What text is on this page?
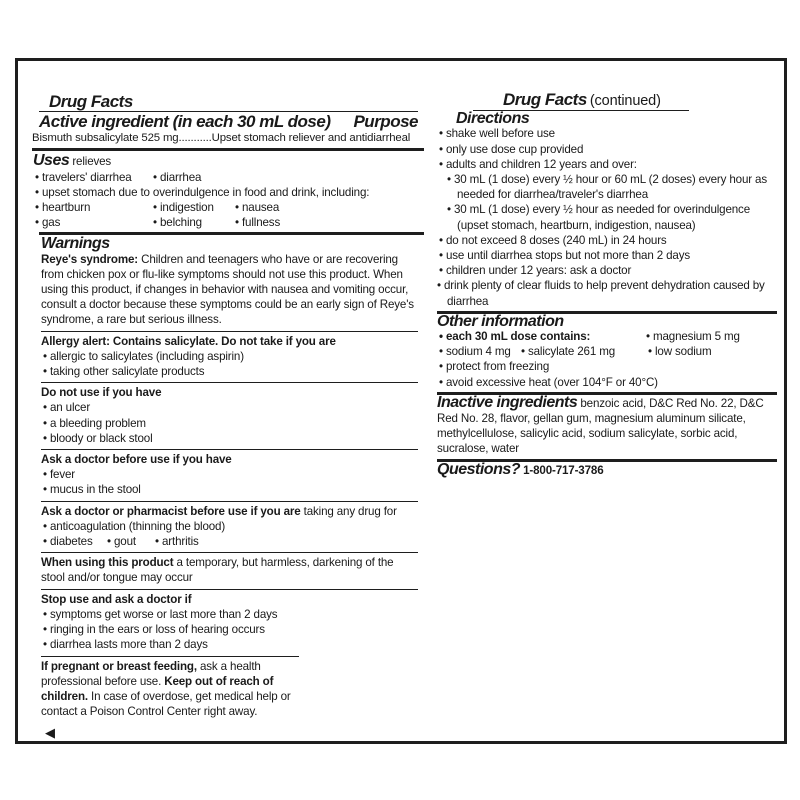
Drug Facts
Active ingredient (in each 30 mL dose) Purpose
Bismuth subsalicylate 525 mg...........Upset stomach reliever and antidiarrheal
Uses relieves
• travelers' diarrhea	• diarrhea
• upset stomach due to overindulgence in food and drink, including:
• heartburn	• indigestion	• nausea
• gas	• belching	• fullness
Warnings

Reye's syndrome: Children and teenagers who have or are recovering from chicken pox or flu-like symptoms should not use this product. When using this product, if changes in behavior with nausea and vomiting occur, consult a doctor because these symptoms could be an early sign of Reye's syndrome, a rare but serious illness.

Allergy alert: Contains salicylate. Do not take if you are
• allergic to salicylates (including aspirin)
• taking other salicylate products
Do not use if you have
• an ulcer
• a bleeding problem
• bloody or black stool
Ask a doctor before use if you have
• fever
• mucus in the stool
Ask a doctor or pharmacist before use if you are taking any drug for
• anticoagulation (thinning the blood)
• diabetes	• gout	• arthritis

When using this product a temporary, but harmless, darkening of the stool and/or tongue may occur

Stop use and ask a doctor if
• symptoms get worse or last more than 2 days
• ringing in the ears or loss of hearing occurs
• diarrhea lasts more than 2 days

If pregnant or breast feeding, ask a health professional before use. Keep out of reach of children. In case of overdose, get medical help or contact a Poison Control Center right away.

◀
Drug Facts (continued)
Directions
• shake well before use
• only use dose cup provided
• adults and children 12 years and over:
• 30 mL (1 dose) every ½ hour or 60 mL (2 doses) every hour as needed for diarrhea/traveler's diarrhea
• 30 mL (1 dose) every ½ hour as needed for overindulgence (upset stomach, heartburn, indigestion, nausea)
• do not exceed 8 doses (240 mL) in 24 hours
• use until diarrhea stops but not more than 2 days
• children under 12 years: ask a doctor
• drink plenty of clear fluids to help prevent dehydration caused by diarrhea
Other information
• each 30 mL dose contains:	• magnesium 5 mg
• sodium 4 mg	• salicylate 261 mg	• low sodium
• protect from freezing
• avoid excessive heat (over 104°F or 40°C)

Inactive ingredients benzoic acid, D&C Red No. 22, D&C Red No. 28, flavor, gellan gum, magnesium aluminum silicate, methylcellulose, salicylic acid, sodium salicylate, sorbic acid, sucralose, water

Questions? 1-800-717-3786
